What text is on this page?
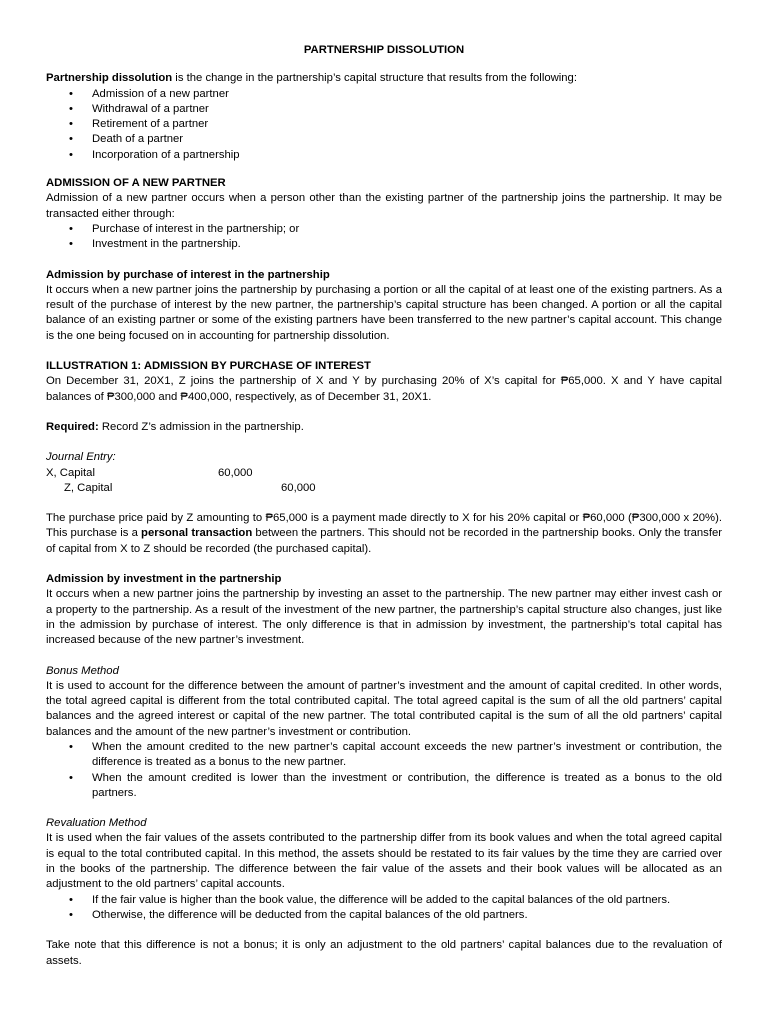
PARTNERSHIP DISSOLUTION

Partnership dissolution is the change in the partnership’s capital structure that results from the following:

• Admission of a new partner
• Withdrawal of a partner
• Retirement of a partner
• Death of a partner
• Incorporation of a partnership
ADMISSION OF A NEW PARTNER

Admission of a new partner occurs when a person other than the existing partner of the partnership joins the partnership. It may be transacted either through:

• Purchase of interest in the partnership; or
• Investment in the partnership.
Admission by purchase of interest in the partnership

It occurs when a new partner joins the partnership by purchasing a portion or all the capital of at least one of the existing partners. As a result of the purchase of interest by the new partner, the partnership’s capital structure has been changed. A portion or all the capital balance of an existing partner or some of the existing partners have been transferred to the new partner’s capital account. This change is the one being focused on in accounting for partnership dissolution.

ILLUSTRATION 1: ADMISSION BY PURCHASE OF INTEREST

On December 31, 20X1, Z joins the partnership of X and Y by purchasing 20% of X’s capital for ₱65,000. X and Y have capital balances of ₱300,000 and ₱400,000, respectively, as of December 31, 20X1.

Required: Record Z’s admission in the partnership.

Journal Entry:

X, Capital	60,000
Z, Capital	60,000

The purchase price paid by Z amounting to ₱65,000 is a payment made directly to X for his 20% capital or ₱60,000 (₱300,000 x 20%). This purchase is a personal transaction between the partners. This should not be recorded in the partnership books. Only the transfer of capital from X to Z should be recorded (the purchased capital).

Admission by investment in the partnership

It occurs when a new partner joins the partnership by investing an asset to the partnership. The new partner may either invest cash or a property to the partnership. As a result of the investment of the new partner, the partnership’s capital structure also changes, just like in the admission by purchase of interest. The only difference is that in admission by investment, the partnership’s total capital has increased because of the new partner’s investment.

Bonus Method

It is used to account for the difference between the amount of partner’s investment and the amount of capital credited. In other words, the total agreed capital is different from the total contributed capital. The total agreed capital is the sum of all the old partners’ capital balances and the agreed interest or capital of the new partner. The total contributed capital is the sum of all the old partners’ capital balances and the amount of the new partner’s investment or contribution.

• When the amount credited to the new partner’s capital account exceeds the new partner’s investment or contribution, the difference is treated as a bonus to the new partner.
• When the amount credited is lower than the investment or contribution, the difference is treated as a bonus to the old partners.

Revaluation Method

It is used when the fair values of the assets contributed to the partnership differ from its book values and when the total agreed capital is equal to the total contributed capital. In this method, the assets should be restated to its fair values by the time they are carried over in the books of the partnership. The difference between the fair value of the assets and their book values will be allocated as an adjustment to the old partners’ capital accounts.

• If the fair value is higher than the book value, the difference will be added to the capital balances of the old partners.
• Otherwise, the difference will be deducted from the capital balances of the old partners.

Take note that this difference is not a bonus; it is only an adjustment to the old partners’ capital balances due to the revaluation of assets.
